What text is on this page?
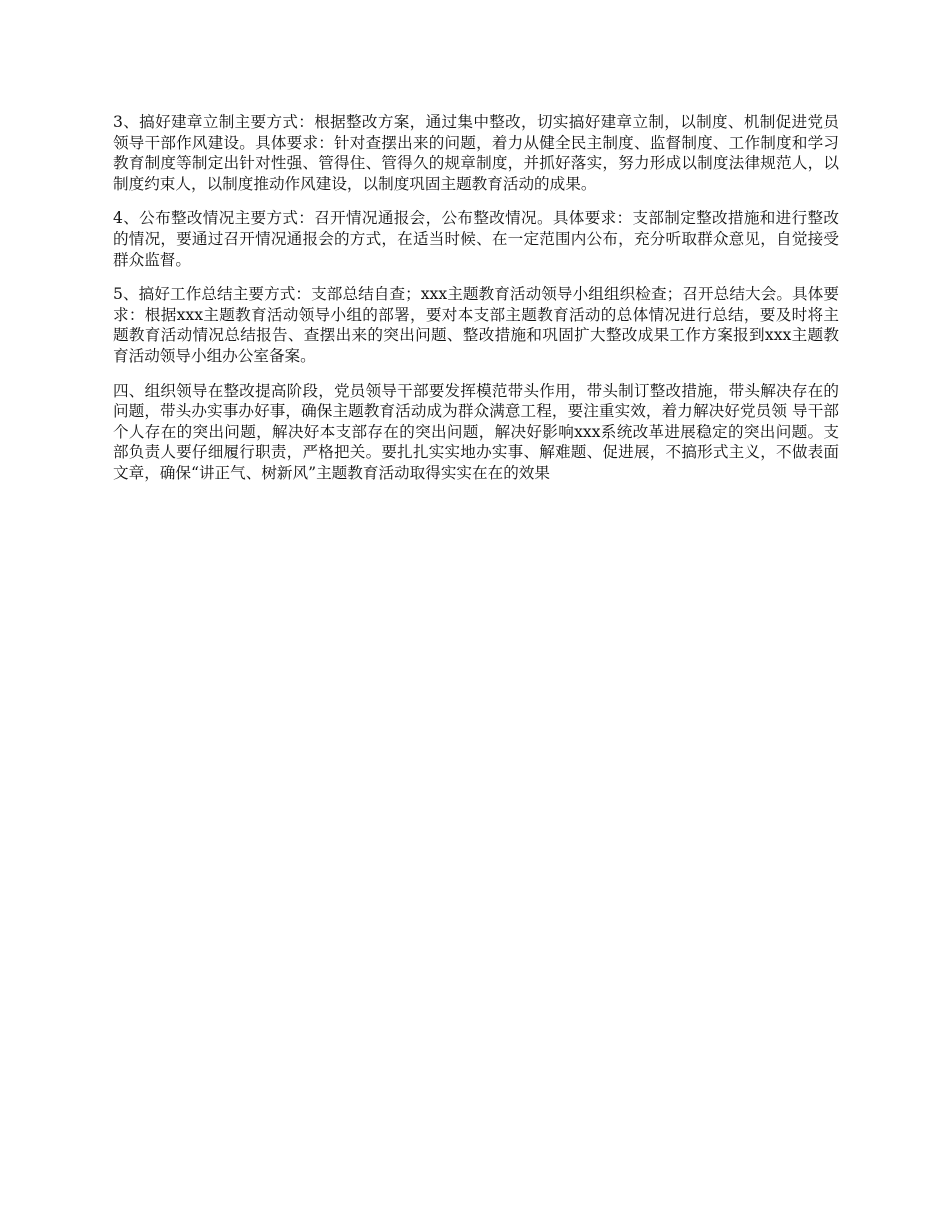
3、搞好建章立制主要方式：根据整改方案，通过集中整改，切实搞好建章立制，以制度、机制促进党员领导干部作风建设。具体要求：针对查摆出来的问题，着力从健全民主制度、监督制度、工作制度和学习教育制度等制定出针对性强、管得住、管得久的规章制度，并抓好落实，努力形成以制度法律规范人，以制度约束人，以制度推动作风建设，以制度巩固主题教育活动的成果。

4、公布整改情况主要方式：召开情况通报会，公布整改情况。具体要求：支部制定整改措施和进行整改的情况，要通过召开情况通报会的方式，在适当时候、在一定范围内公布，充分听取群众意见，自觉接受群众监督。

5、搞好工作总结主要方式：支部总结自查；xxx主题教育活动领导小组组织检查；召开总结大会。具体要求：根据xxx主题教育活动领导小组的部署，要对本支部主题教育活动的总体情况进行总结，要及时将主题教育活动情况总结报告、查摆出来的突出问题、整改措施和巩固扩大整改成果工作方案报到xxx主题教育活动领导小组办公室备案。

四、组织领导在整改提高阶段，党员领导干部要发挥模范带头作用，带头制订整改措施，带头解决存在的问题，带头办实事办好事，确保主题教育活动成为群众满意工程，要注重实效，着力解决好党员领 导干部个人存在的突出问题，解决好本支部存在的突出问题，解决好影响xxx系统改革进展稳定的突出问题。支部负责人要仔细履行职责，严格把关。要扎扎实实地办实事、解难题、促进展，不搞形式主义，不做表面文章，确保“讲正气、树新风”主题教育活动取得实实在在的效果
